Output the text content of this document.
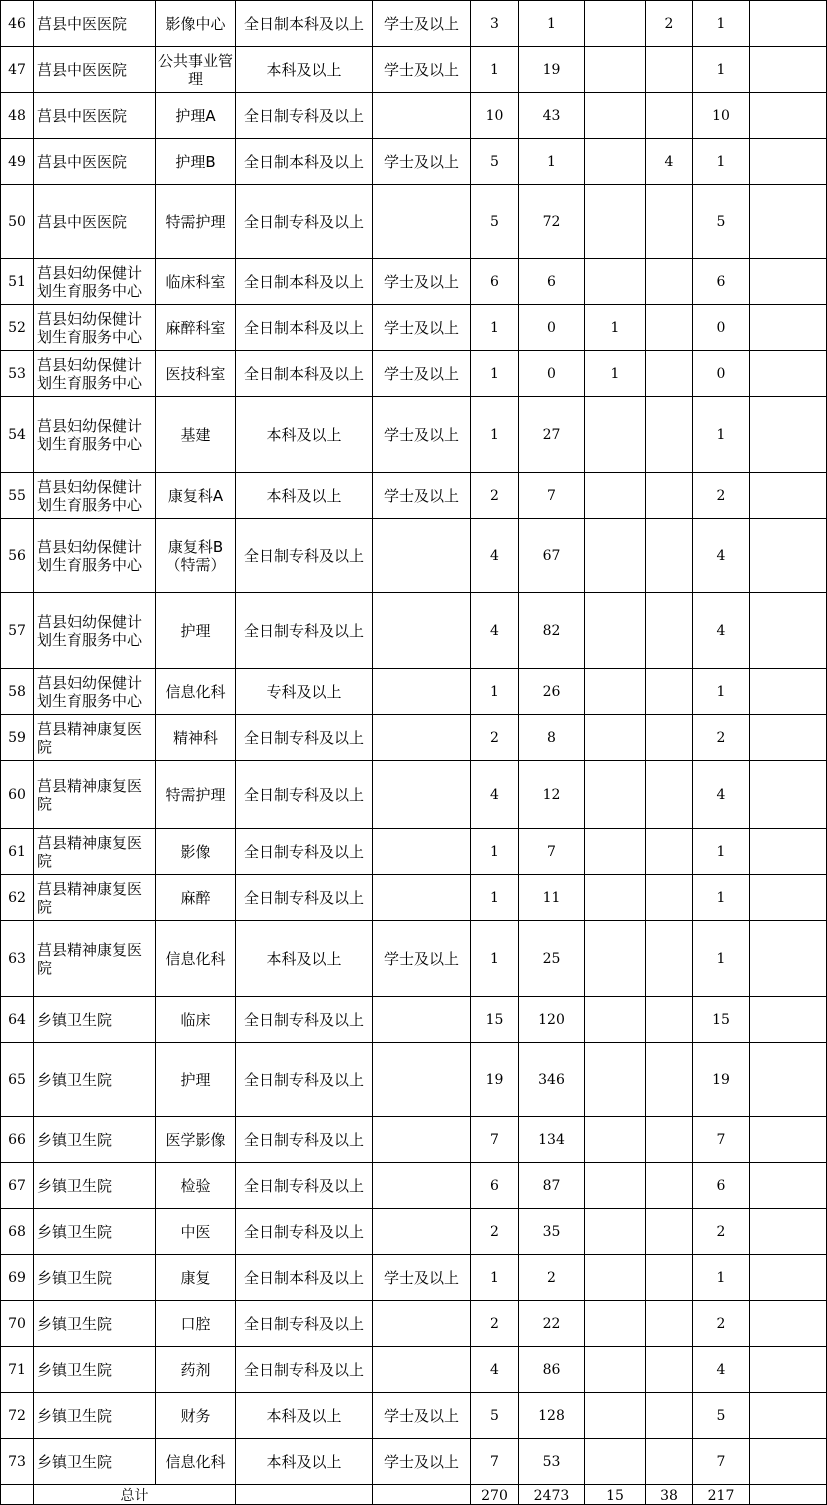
46	莒县中医医院	影像中心	全日制本科及以上	学士及以上	3	1		2	1	
47	莒县中医医院	公共事业管理	本科及以上	学士及以上	1	19			1	
48	莒县中医医院	护理A	全日制专科及以上		10	43			10	
49	莒县中医医院	护理B	全日制本科及以上	学士及以上	5	1		4	1	
50	莒县中医医院	特需护理	全日制专科及以上		5	72			5	
51	莒县妇幼保健计划生育服务中心	临床科室	全日制本科及以上	学士及以上	6	6			6	
52	莒县妇幼保健计划生育服务中心	麻醉科室	全日制本科及以上	学士及以上	1	0	1		0	
53	莒县妇幼保健计划生育服务中心	医技科室	全日制本科及以上	学士及以上	1	0	1		0	
54	莒县妇幼保健计划生育服务中心	基建	本科及以上	学士及以上	1	27			1	
55	莒县妇幼保健计划生育服务中心	康复科A	本科及以上	学士及以上	2	7			2	
56	莒县妇幼保健计划生育服务中心	康复科B（特需）	全日制专科及以上		4	67			4	
57	莒县妇幼保健计划生育服务中心	护理	全日制专科及以上		4	82			4	
58	莒县妇幼保健计划生育服务中心	信息化科	专科及以上		1	26			1	
59	莒县精神康复医院	精神科	全日制专科及以上		2	8			2	
60	莒县精神康复医院	特需护理	全日制专科及以上		4	12			4	
61	莒县精神康复医院	影像	全日制专科及以上		1	7			1	
62	莒县精神康复医院	麻醉	全日制专科及以上		1	11			1	
63	莒县精神康复医院	信息化科	本科及以上	学士及以上	1	25			1	
64	乡镇卫生院	临床	全日制专科及以上		15	120			15	
65	乡镇卫生院	护理	全日制专科及以上		19	346			19	
66	乡镇卫生院	医学影像	全日制专科及以上		7	134			7	
67	乡镇卫生院	检验	全日制专科及以上		6	87			6	
68	乡镇卫生院	中医	全日制专科及以上		2	35			2	
69	乡镇卫生院	康复	全日制本科及以上	学士及以上	1	2			1	
70	乡镇卫生院	口腔	全日制专科及以上		2	22			2	
71	乡镇卫生院	药剂	全日制专科及以上		4	86			4	
72	乡镇卫生院	财务	本科及以上	学士及以上	5	128			5	
73	乡镇卫生院	信息化科	本科及以上	学士及以上	7	53			7	
	总计				270	2473	15	38	217	
